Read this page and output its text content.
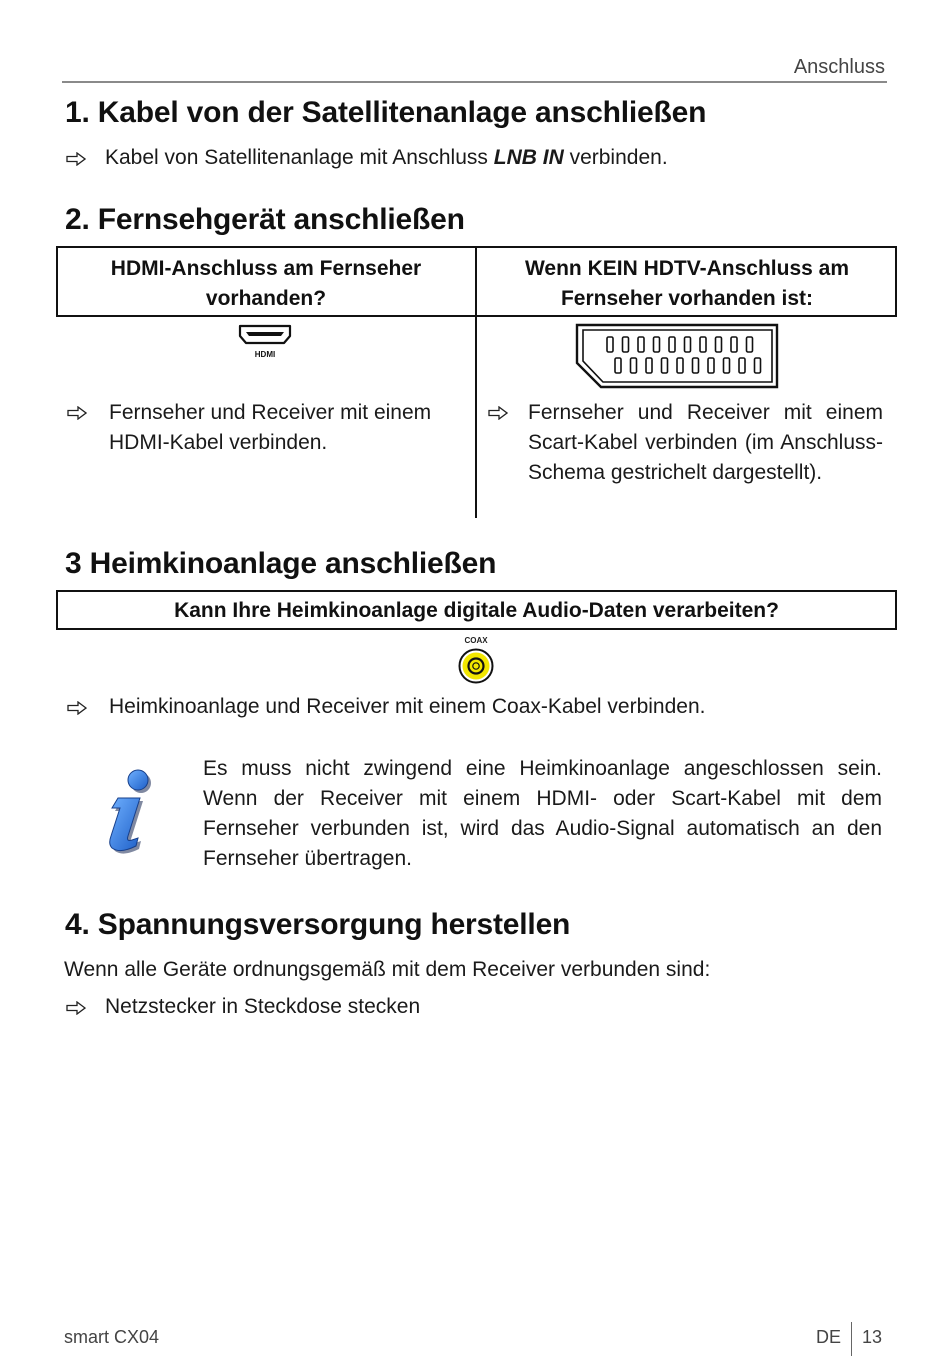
Anschluss
1. Kabel von der Satellitenanlage anschließen
Kabel von Satellitenanlage mit Anschluss LNB IN verbinden.
2. Fernsehgerät anschließen
HDMI-Anschluss am Fernseher
vorhanden?
Wenn KEIN HDTV-Anschluss am
Fernseher vorhanden ist:
HDMI
Fernseher und Receiver mit einem HDMI-Kabel verbinden.
Fernseher und Receiver mit einem Scart-Kabel verbinden (im Anschluss-Schema gestrichelt dargestellt).
3 Heimkinoanlage anschließen
Kann Ihre Heimkinoanlage digitale Audio-Daten verarbeiten?
COAX
Heimkinoanlage und Receiver mit einem Coax-Kabel verbinden.
Es muss nicht zwingend eine Heimkinoanlage angeschlossen sein. Wenn der Receiver mit einem HDMI- oder Scart-Kabel mit dem Fernseher verbunden ist, wird das Audio-Signal automatisch an den Fernseher übertragen.
4. Spannungsversorgung herstellen
Wenn alle Geräte ordnungsgemäß mit dem Receiver verbunden sind:
Netzstecker in Steckdose stecken
smart CX04	DE 13
